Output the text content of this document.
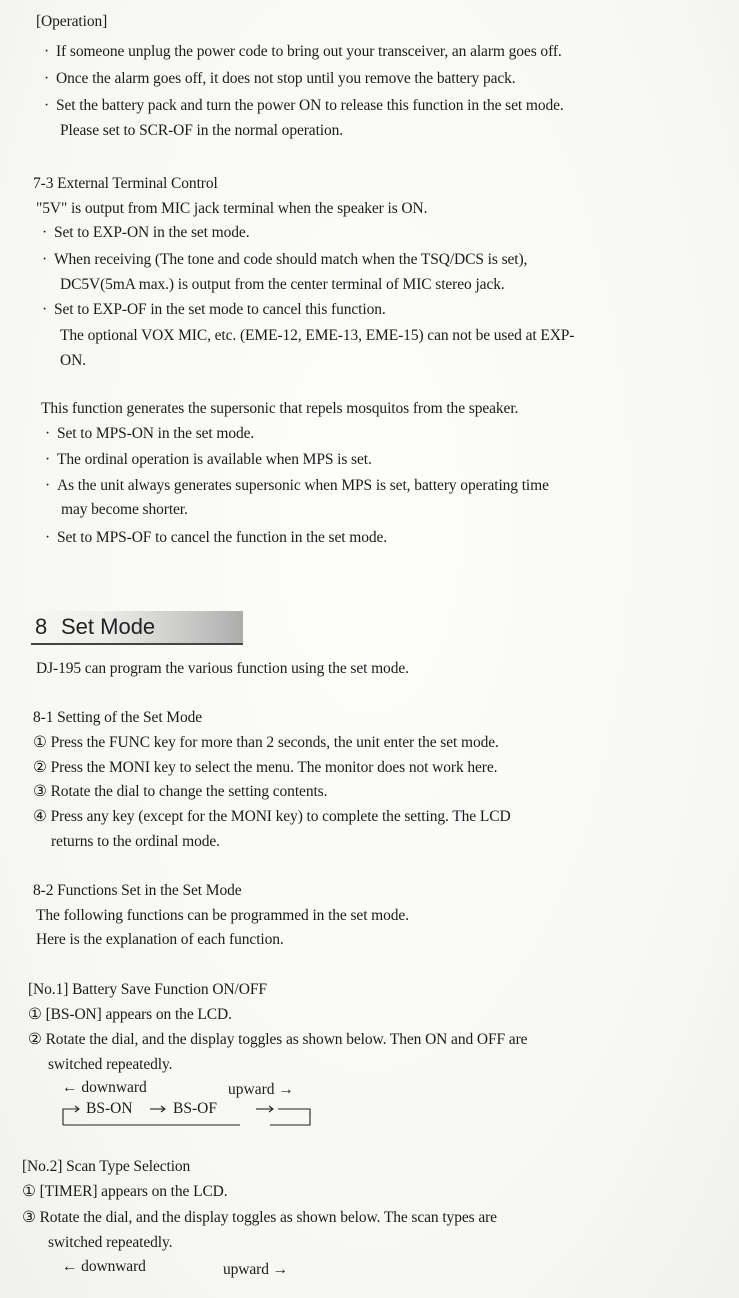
[Operation]
· If someone unplug the power code to bring out your transceiver, an alarm goes off.
· Once the alarm goes off, it does not stop until you remove the battery pack.
· Set the battery pack and turn the power ON to release this function in the set mode.
Please set to SCR-OF in the normal operation.
7-3 External Terminal Control
"5V" is output from MIC jack terminal when the speaker is ON.
· Set to EXP-ON in the set mode.
· When receiving (The tone and code should match when the TSQ/DCS is set),
DC5V(5mA max.) is output from the center terminal of MIC stereo jack.
· Set to EXP-OF in the set mode to cancel this function.
The optional VOX MIC, etc. (EME-12, EME-13, EME-15) can not be used at EXP-
ON.
This function generates the supersonic that repels mosquitos from the speaker.
· Set to MPS-ON in the set mode.
· The ordinal operation is available when MPS is set.
· As the unit always generates supersonic when MPS is set, battery operating time
may become shorter.
· Set to MPS-OF to cancel the function in the set mode.
8 Set Mode
DJ-195 can program the various function using the set mode.
8-1 Setting of the Set Mode
① Press the FUNC key for more than 2 seconds, the unit enter the set mode.
② Press the MONI key to select the menu. The monitor does not work here.
③ Rotate the dial to change the setting contents.
④ Press any key (except for the MONI key) to complete the setting. The LCD
returns to the ordinal mode.
8-2 Functions Set in the Set Mode
The following functions can be programmed in the set mode.
Here is the explanation of each function.
[No.1] Battery Save Function ON/OFF
① [BS-ON] appears on the LCD.
② Rotate the dial, and the display toggles as shown below. Then ON and OFF are
switched repeatedly.
← downward	upward →
BS-ON	BS-OF
[No.2] Scan Type Selection
① [TIMER] appears on the LCD.
③ Rotate the dial, and the display toggles as shown below. The scan types are
switched repeatedly.
← downward	upward →
